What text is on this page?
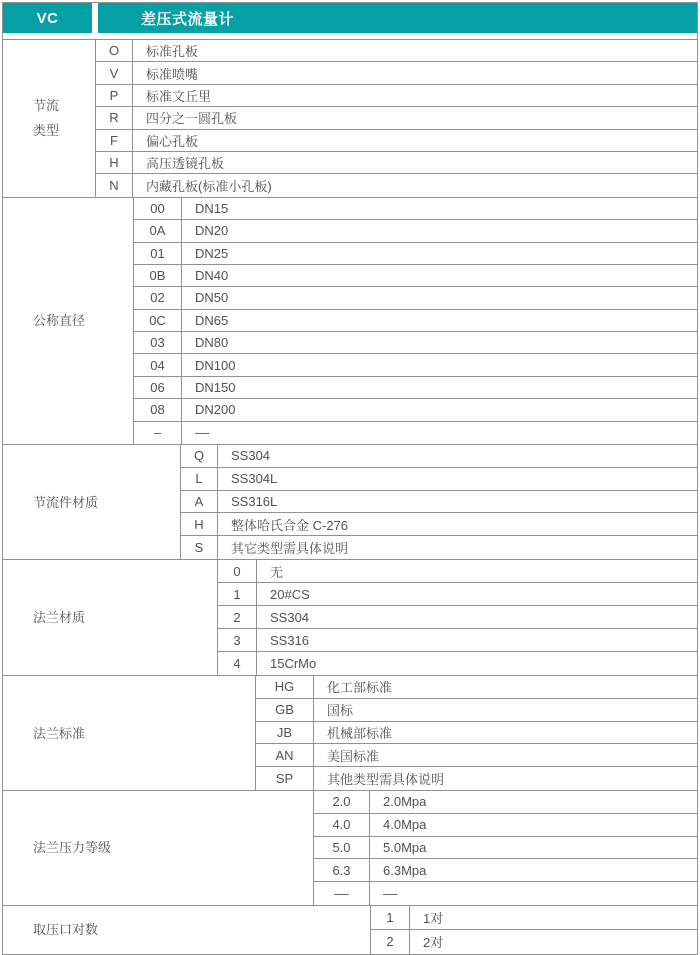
VC	差压式流量计
节流
类型
O	标准孔板
V	标准喷嘴
P	标准文丘里
R	四分之一圆孔板
F	偏心孔板
H	高压透镜孔板
N	内藏孔板(标准小孔板)
公称直径
00	DN15
0A	DN20
01	DN25
0B	DN40
02	DN50
0C	DN65
03	DN80
04	DN100
06	DN150
08	DN200
–	––
节流件材质
Q	SS304
L	SS304L
A	SS316L
H	整体哈氏合金 C-276
S	其它类型需具体说明
法兰材质
0	无
1	20#CS
2	SS304
3	SS316
4	15CrMo
法兰标准
HG	化工部标准
GB	国标
JB	机械部标准
AN	美国标准
SP	其他类型需具体说明
法兰压力等级
2.0	2.0Mpa
4.0	4.0Mpa
5.0	5.0Mpa
6.3	6.3Mpa
––	––
取压口对数
1	1对
2	2对
